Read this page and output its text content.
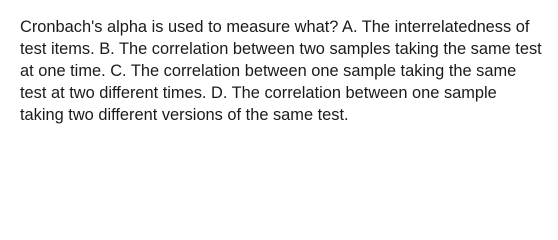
Cronbach's alpha is used to measure what? A. The interrelatedness of test items. B. The correlation between two samples taking the same test at one time. C. The correlation between one sample taking the same test at two different times. D. The correlation between one sample taking two different versions of the same test.
